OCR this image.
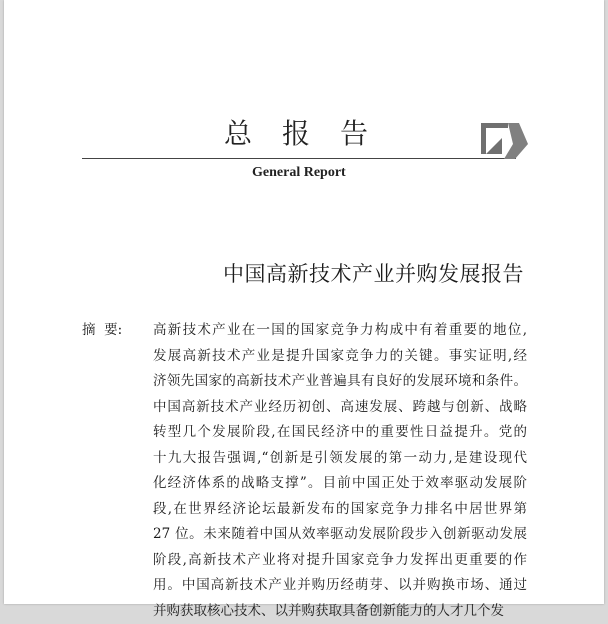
总报告
General Report
中国高新技术产业并购发展报告
摘  要: 高新技术产业在一国的国家竞争力构成中有着重要的地位,
发展高新技术产业是提升国家竞争力的关键。事实证明,经
济领先国家的高新技术产业普遍具有良好的发展环境和条件。
中国高新技术产业经历初创、高速发展、跨越与创新、战略
转型几个发展阶段,在国民经济中的重要性日益提升。党的
十九大报告强调,“创新是引领发展的第一动力,是建设现代
化经济体系的战略支撑”。目前中国正处于效率驱动发展阶
段,在世界经济论坛最新发布的国家竞争力排名中居世界第
27 位。未来随着中国从效率驱动发展阶段步入创新驱动发展
阶段,高新技术产业将对提升国家竞争力发挥出更重要的作
用。中国高新技术产业并购历经萌芽、以并购换市场、通过
并购获取核心技术、以并购获取具备创新能力的人才几个发
